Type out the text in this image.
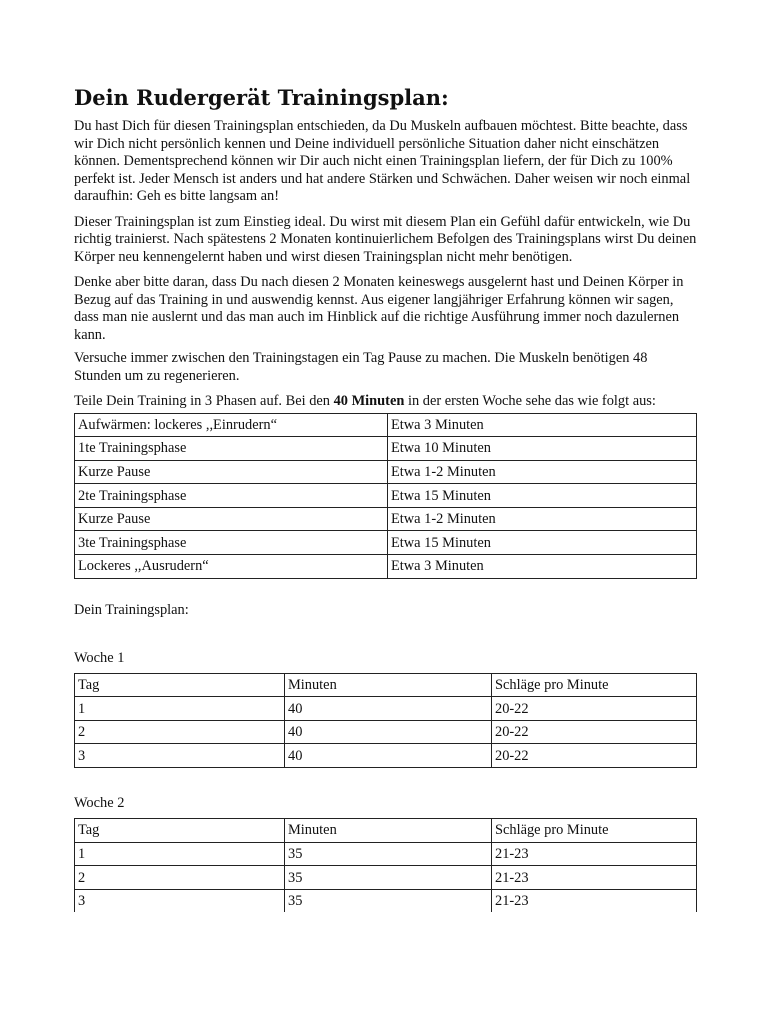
Dein Rudergerät Trainingsplan:

Du hast Dich für diesen Trainingsplan entschieden, da Du Muskeln aufbauen möchtest. Bitte beachte, dass wir Dich nicht persönlich kennen und Deine individuell persönliche Situation daher nicht einschätzen können. Dementsprechend können wir Dir auch nicht einen Trainingsplan liefern, der für Dich zu 100% perfekt ist. Jeder Mensch ist anders und hat andere Stärken und Schwächen. Daher weisen wir noch einmal daraufhin: Geh es bitte langsam an!

Dieser Trainingsplan ist zum Einstieg ideal. Du wirst mit diesem Plan ein Gefühl dafür entwickeln, wie Du richtig trainierst. Nach spätestens 2 Monaten kontinuierlichem Befolgen des Trainingsplans wirst Du deinen Körper neu kennengelernt haben und wirst diesen Trainingsplan nicht mehr benötigen.

Denke aber bitte daran, dass Du nach diesen 2 Monaten keineswegs ausgelernt hast und Deinen Körper in Bezug auf das Training in und auswendig kennst. Aus eigener langjähriger Erfahrung können wir sagen, dass man nie auslernt und das man auch im Hinblick auf die richtige Ausführung immer noch dazulernen kann.

Versuche immer zwischen den Trainingstagen ein Tag Pause zu machen. Die Muskeln benötigen 48 Stunden um zu regenerieren.

Teile Dein Training in 3 Phasen auf. Bei den 40 Minuten in der ersten Woche sehe das wie folgt aus:

Aufwärmen: lockeres ,,Einrudern“	Etwa 3 Minuten
1te Trainingsphase	Etwa 10 Minuten
Kurze Pause	Etwa 1-2 Minuten
2te Trainingsphase	Etwa 15 Minuten
Kurze Pause	Etwa 1-2 Minuten
3te Trainingsphase	Etwa 15 Minuten
Lockeres ,,Ausrudern“	Etwa 3 Minuten

Dein Trainingsplan:

Woche 1

Tag	Minuten	Schläge pro Minute
1	40	20-22
2	40	20-22
3	40	20-22

Woche 2

Tag	Minuten	Schläge pro Minute
1	35	21-23
2	35	21-23
3	35	21-23
